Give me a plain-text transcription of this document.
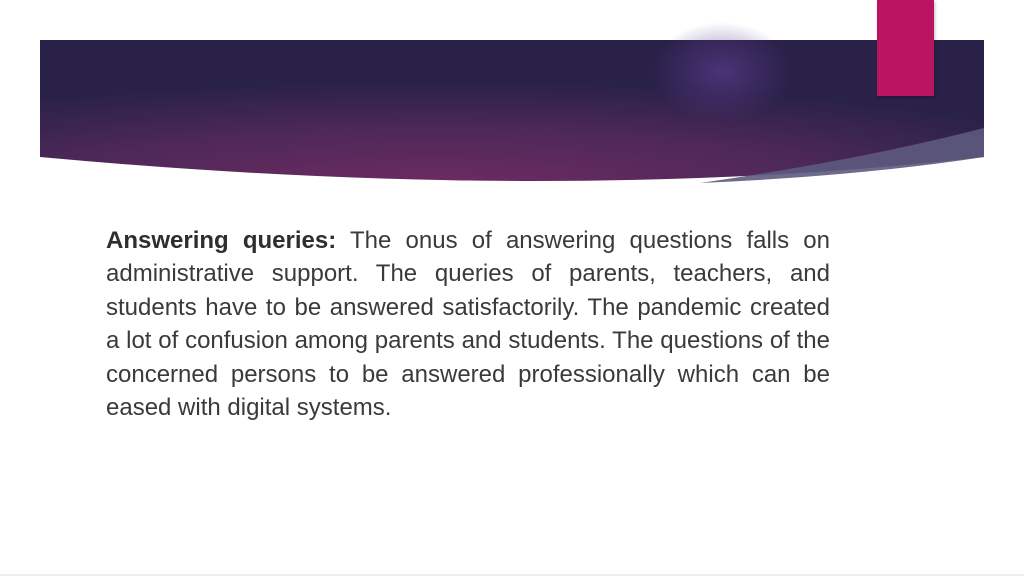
Answering queries: The onus of answering questions falls on administrative support. The queries of parents, teachers, and students have to be answered satisfactorily. The pandemic created a lot of confusion among parents and students. The questions of the concerned persons to be answered professionally which can be eased with digital systems.
